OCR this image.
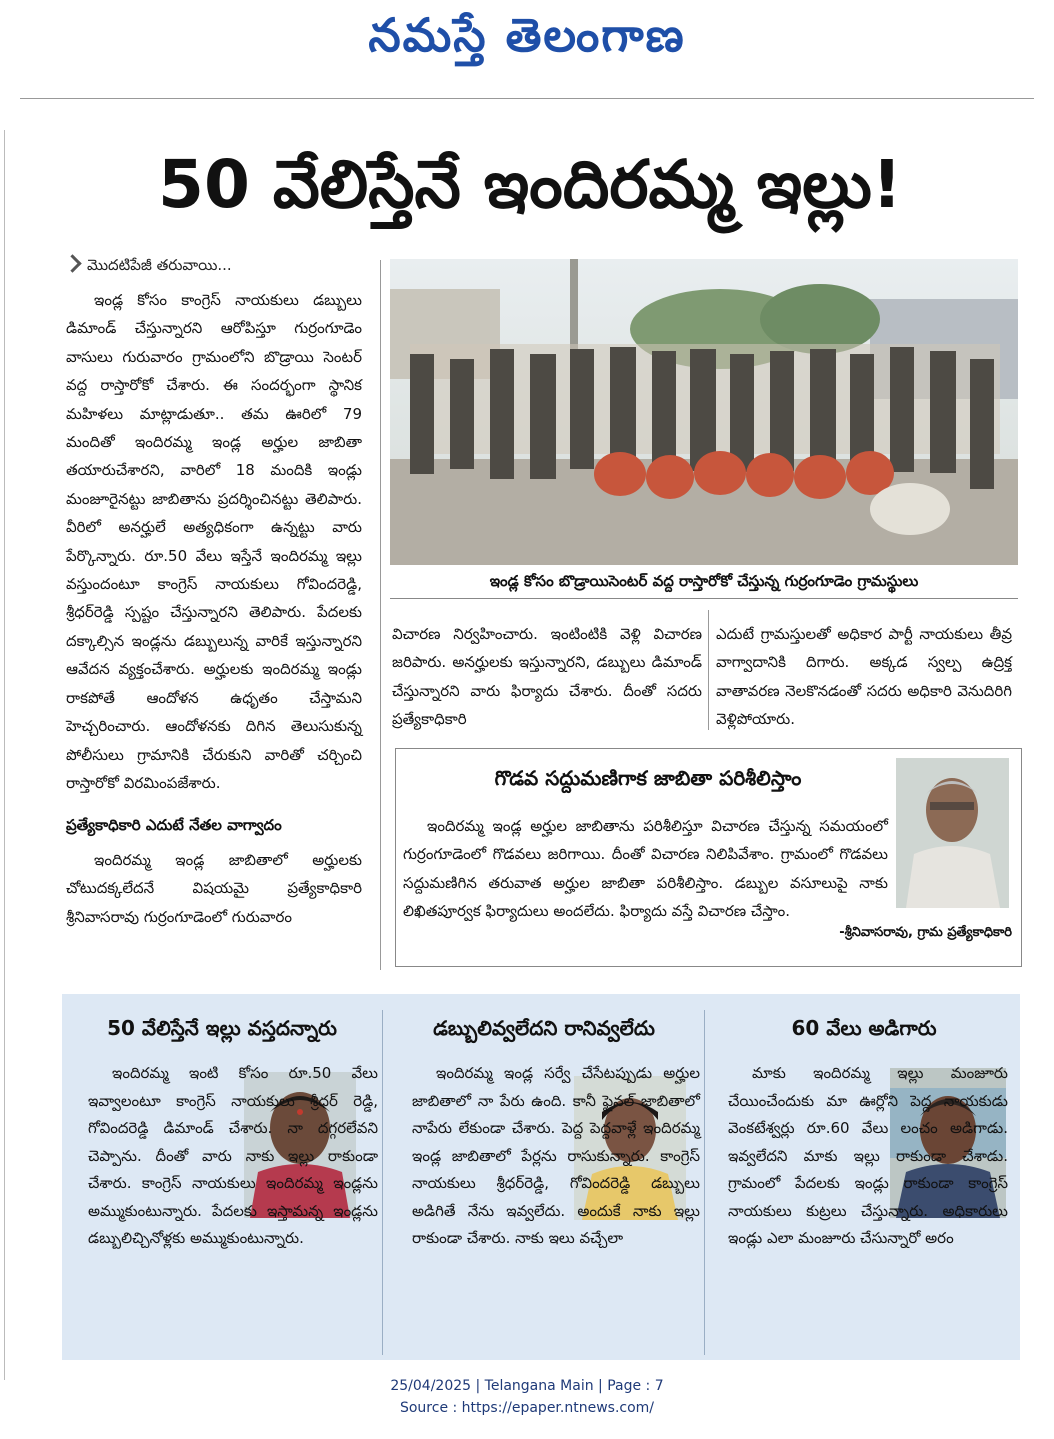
నమస్తే తెలంగాణ
50 వేలిస్తేనే ఇందిరమ్మ ఇల్లు!
మొదటిపేజీ తరువాయి...

ఇండ్ల కోసం కాంగ్రెస్ నాయకులు డబ్బులు డిమాండ్ చేస్తున్నారని ఆరోపిస్తూ గుర్రంగూడెం వాసులు గురువారం గ్రామంలోని బొడ్రాయి సెంటర్ వద్ద రాస్తారోకో చేశారు. ఈ సందర్భంగా స్థానిక మహిళలు మాట్లాడుతూ.. తమ ఊరిలో 79 మందితో ఇందిరమ్మ ఇండ్ల అర్హుల జాబితా తయారుచేశారని, వారిలో 18 మందికి ఇండ్లు మంజూరైనట్టు జాబితాను ప్రదర్శించినట్టు తెలిపారు. వీరిలో అనర్హులే అత్యధికంగా ఉన్నట్టు వారు పేర్కొన్నారు. రూ.50 వేలు ఇస్తేనే ఇందిరమ్మ ఇల్లు వస్తుందంటూ కాంగ్రెస్ నాయకులు గోవిందరెడ్డి, శ్రీధర్‌రెడ్డి స్పష్టం చేస్తున్నారని తెలిపారు. పేదలకు దక్కాల్సిన ఇండ్లను డబ్బులున్న వారికే ఇస్తున్నారని ఆవేదన వ్యక్తంచేశారు. అర్హులకు ఇందిరమ్మ ఇండ్లు రాకపోతే ఆందోళన ఉధృతం చేస్తామని హెచ్చరించారు. ఆందోళనకు దిగిన తెలుసుకున్న పోలీసులు గ్రామానికి చేరుకుని వారితో చర్చించి రాస్తారోకో విరమింపజేశారు.

ప్రత్యేకాధికారి ఎదుటే నేతల వాగ్వాదం

ఇందిరమ్మ ఇండ్ల జాబితాలో అర్హులకు చోటుదక్కలేదనే విషయమై ప్రత్యేకాధికారి శ్రీనివాసరావు గుర్రంగూడెంలో గురువారం

ఇండ్ల కోసం బొడ్రాయిసెంటర్ వద్ద రాస్తారోకో చేస్తున్న గుర్రంగూడెం గ్రామస్థులు

విచారణ నిర్వహించారు. ఇంటింటికి వెళ్లి విచారణ జరిపారు. అనర్హులకు ఇస్తున్నారని, డబ్బులు డిమాండ్ చేస్తున్నారని వారు ఫిర్యాదు చేశారు. దీంతో సదరు ప్రత్యేకాధికారి

ఎదుటే గ్రామస్తులతో అధికార పార్టీ నాయకులు తీవ్ర వాగ్వాదానికి దిగారు. అక్కడ స్వల్ప ఉద్రిక్త వాతావరణ నెలకొనడంతో సదరు అధికారి వెనుదిరిగి వెళ్లిపోయారు.

గొడవ సద్దుమణిగాక జాబితా పరిశీలిస్తాం

ఇందిరమ్మ ఇండ్ల అర్హుల జాబితాను పరిశీలిస్తూ విచారణ చేస్తున్న సమయంలో గుర్రంగూడెంలో గొడవలు జరిగాయి. దీంతో విచారణ నిలిపివేశాం. గ్రామంలో గొడవలు సద్దుమణిగిన తరువాత అర్హుల జాబితా పరిశీలిస్తాం. డబ్బుల వసూలుపై నాకు లిఖితపూర్వక ఫిర్యాదులు అందలేదు. ఫిర్యాదు వస్తే విచారణ చేస్తాం.

-శ్రీనివాసరావు, గ్రామ ప్రత్యేకాధికారి
50 వేలిస్తేనే ఇల్లు వస్తదన్నారు

ఇందిరమ్మ ఇంటి కోసం రూ.50 వేలు ఇవ్వాలంటూ కాంగ్రెస్ నాయకులు శ్రీధర్ రెడ్డి, గోవిందరెడ్డి డిమాండ్ చేశారు. నా దగ్గరలేవని చెప్పాను. దీంతో వారు నాకు ఇల్లు రాకుండా చేశారు. కాంగ్రెస్ నాయకులు ఇందిరమ్మ ఇండ్లను అమ్ముకుంటున్నారు. పేదలకు ఇస్తామన్న ఇండ్లను డబ్బులిచ్చినోళ్లకు అమ్ముకుంటున్నారు.

డబ్బులివ్వలేదని రానివ్వలేదు

ఇందిరమ్మ ఇండ్ల సర్వే చేసేటప్పుడు అర్హుల జాబితాలో నా పేరు ఉంది. కానీ ఫైనల్ జాబితాలో నాపేరు లేకుండా చేశారు. పెద్ద పెద్దవాళ్లే ఇందిరమ్మ ఇండ్ల జాబితాలో పేర్లను రాసుకున్నారు. కాంగ్రెస్ నాయకులు శ్రీధర్‌రెడ్డి, గోవిందరెడ్డి డబ్బులు అడిగితే నేను ఇవ్వలేదు. అందుకే నాకు ఇల్లు రాకుండా చేశారు. నాకు ఇలు వచ్చేలా

60 వేలు అడిగారు

మాకు ఇందిరమ్మ ఇల్లు మంజూరు చేయించేందుకు మా ఊర్లోని పెద్ద నాయకుడు వెంకటేశ్వర్లు రూ.60 వేలు లంచం అడిగాడు. ఇవ్వలేదని మాకు ఇల్లు రాకుండా చేశాడు. గ్రామంలో పేదలకు ఇండ్లు రాకుండా కాంగ్రెస్ నాయకులు కుట్రలు చేస్తున్నారు. అధికారులు ఇండ్లు ఎలా మంజూరు చేసున్నారో అరం

25/04/2025 | Telangana Main | Page : 7
Source : https://epaper.ntnews.com/
